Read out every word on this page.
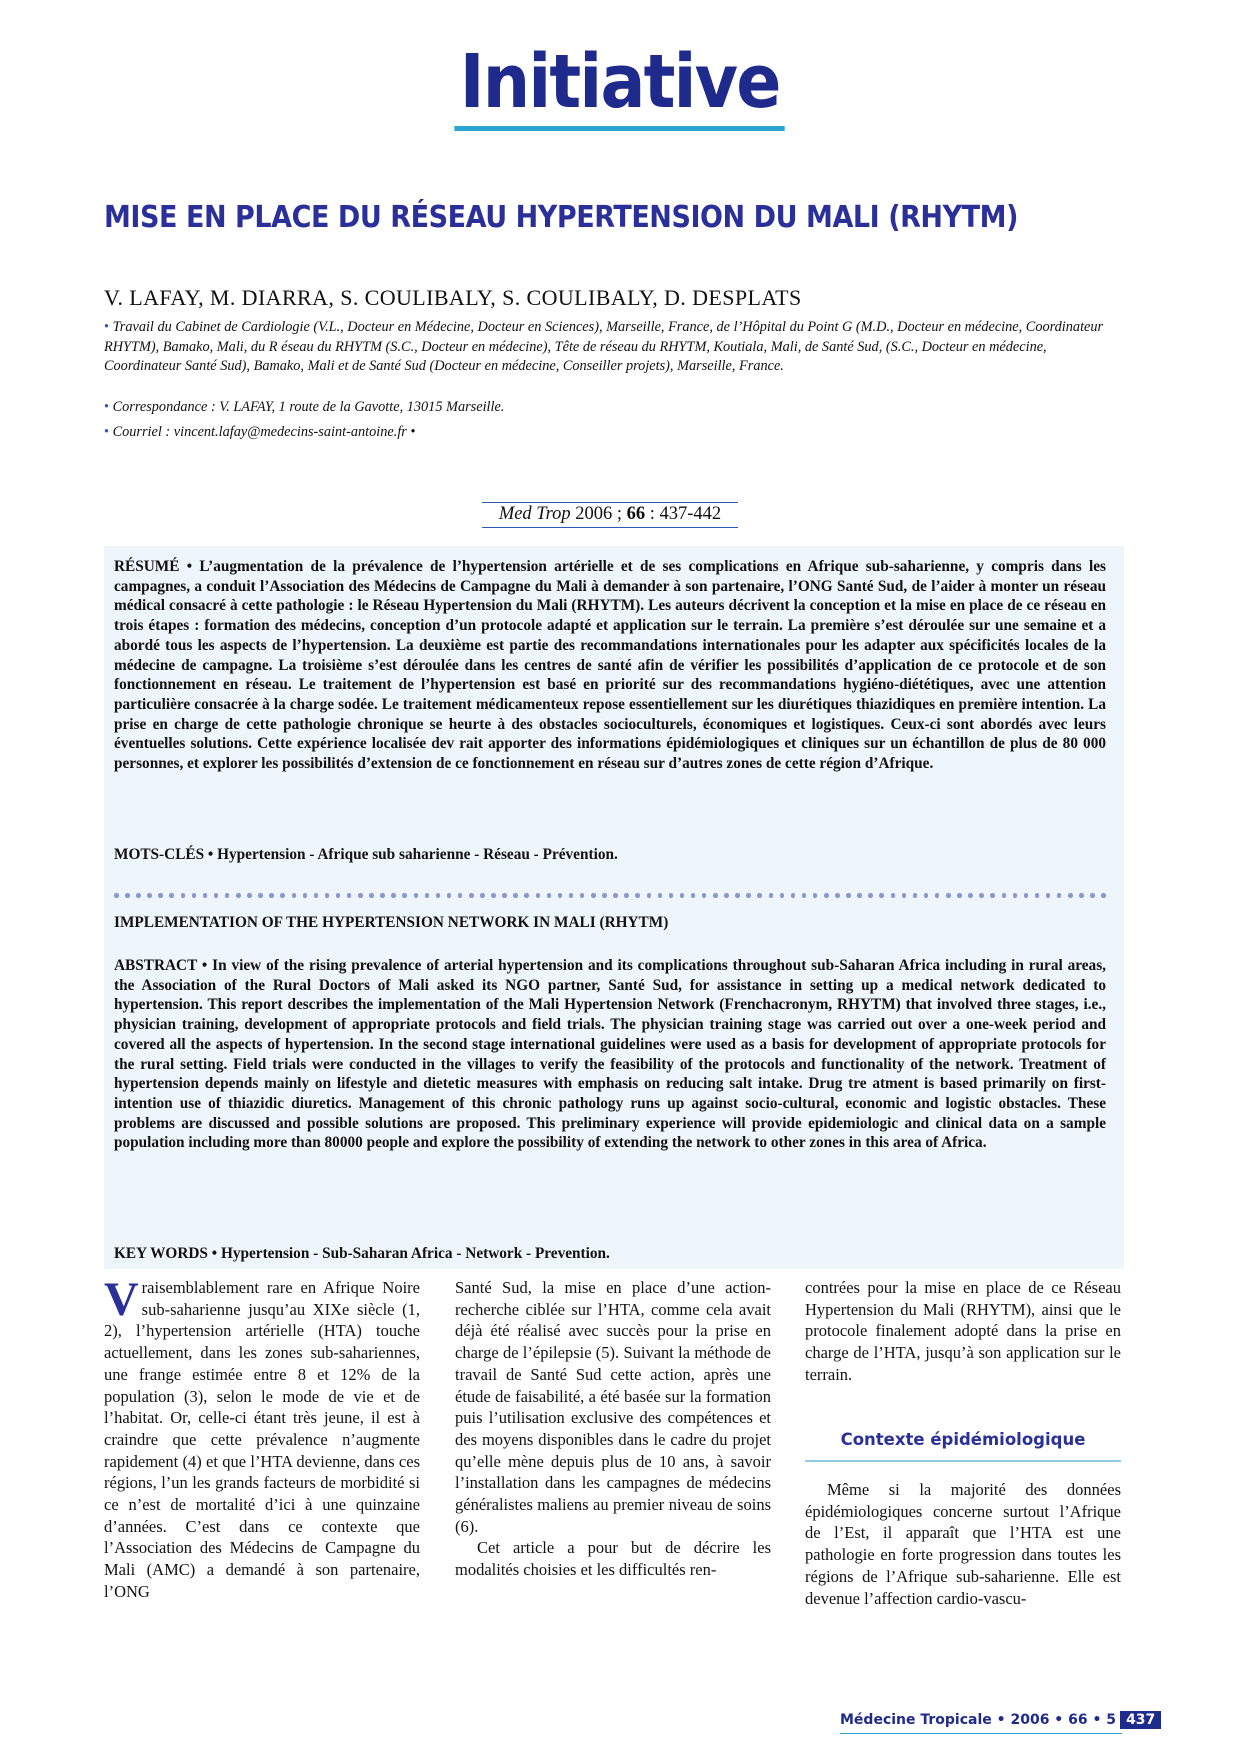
Initiative
MISE EN PLACE DU RÉSEAU HYPERTENSION DU MALI (RHYTM)
V. LAFAY, M. DIARRA, S. COULIBALY, S. COULIBALY, D. DESPLATS
• Travail du Cabinet de Cardiologie (V.L., Docteur en Médecine, Docteur en Sciences), Marseille, France, de l’Hôpital du Point G (M.D., Docteur en médecine, Coordinateur RHYTM), Bamako, Mali, du R éseau du RHYTM (S.C., Docteur en médecine), Tête de réseau du RHYTM, Koutiala, Mali, de Santé Sud, (S.C., Docteur en médecine, Coordinateur Santé Sud), Bamako, Mali et de Santé Sud (Docteur en médecine, Conseiller projets), Marseille, France.
• Correspondance : V. LAFAY, 1 route de la Gavotte, 13015 Marseille.
• Courriel : vincent.lafay@medecins-saint-antoine.fr •
Med Trop 2006 ; 66 : 437-442
RÉSUMÉ • L’augmentation de la prévalence de l’hypertension artérielle et de ses complications en Afrique sub-saharienne, y compris dans les campagnes, a conduit l’Association des Médecins de Campagne du Mali à demander à son partenaire, l’ONG Santé Sud, de l’aider à monter un réseau médical consacré à cette pathologie : le Réseau Hypertension du Mali (RHYTM). Les auteurs décrivent la conception et la mise en place de ce réseau en trois étapes : formation des médecins, conception d’un protocole adapté et application sur le terrain. La première s’est déroulée sur une semaine et a abordé tous les aspects de l’hypertension. La deuxième est partie des recommandations internationales pour les adapter aux spécificités locales de la médecine de campagne. La troisième s’est déroulée dans les centres de santé afin de vérifier les possibilités d’application de ce protocole et de son fonctionnement en réseau. Le traitement de l’hypertension est basé en priorité sur des recommandations hygiéno-diététiques, avec une attention particulière consacrée à la charge sodée. Le traitement médicamenteux repose essentiellement sur les diurétiques thiazidiques en première intention. La prise en charge de cette pathologie chronique se heurte à des obstacles socioculturels, économiques et logistiques. Ceux-ci sont abordés avec leurs éventuelles solutions. Cette expérience localisée dev rait apporter des informations épidémiologiques et cliniques sur un échantillon de plus de 80 000 personnes, et explorer les possibilités d’extension de ce fonctionnement en réseau sur d’autres zones de cette région d’Afrique.
MOTS-CLÉS • Hypertension - Afrique sub saharienne - Réseau - Prévention.
IMPLEMENTATION OF THE HYPERTENSION NETWORK IN MALI (RHYTM)
ABSTRACT • In view of the rising prevalence of arterial hypertension and its complications throughout sub-Saharan Africa including in rural areas, the Association of the Rural Doctors of Mali asked its NGO partner, Santé Sud, for assistance in setting up a medical network dedicated to hypertension. This report describes the implementation of the Mali Hypertension Network (Frenchacronym, RHYTM) that involved three stages, i.e., physician training, development of appropriate protocols and field trials. The physician training stage was carried out over a one-week period and covered all the aspects of hypertension. In the second stage international guidelines were used as a basis for development of appropriate protocols for the rural setting. Field trials were conducted in the villages to verify the feasibility of the protocols and functionality of the network. Treatment of hypertension depends mainly on lifestyle and dietetic measures with emphasis on reducing salt intake. Drug tre atment is based primarily on first-intention use of thiazidic diuretics. Management of this chronic pathology runs up against socio-cultural, economic and logistic obstacles. These problems are discussed and possible solutions are proposed. This preliminary experience will provide epidemiologic and clinical data on a sample population including more than 80000 people and explore the possibility of extending the network to other zones in this area of Africa.
KEY WORDS • Hypertension - Sub-Saharan Africa - Network - Prevention.

Vraisemblablement rare en Afrique Noire sub-saharienne jusqu’au XIXe siècle (1, 2), l’hypertension artérielle (HTA) touche actuellement, dans les zones sub-sahariennes, une frange estimée entre 8 et 12% de la population (3), selon le mode de vie et de l’habitat. Or, celle-ci étant très jeune, il est à craindre que cette prévalence n’augmente rapidement (4) et que l’HTA devienne, dans ces régions, l’un les grands facteurs de morbidité si ce n’est de mortalité d’ici à une quinzaine d’années. C’est dans ce contexte que l’Association des Médecins de Campagne du Mali (AMC) a demandé à son partenaire, l’ONG

Santé Sud, la mise en place d’une action-recherche ciblée sur l’HTA, comme cela avait déjà été réalisé avec succès pour la prise en charge de l’épilepsie (5). Suivant la méthode de travail de Santé Sud cette action, après une étude de faisabilité, a été basée sur la formation puis l’utilisation exclusive des compétences et des moyens disponibles dans le cadre du projet qu’elle mène depuis plus de 10 ans, à savoir l’installation dans les campagnes de médecins généralistes maliens au premier niveau de soins (6).

Cet article a pour but de décrire les modalités choisies et les difficultés ren-

contrées pour la mise en place de ce Réseau Hypertension du Mali (RHYTM), ainsi que le protocole finalement adopté dans la prise en charge de l’HTA, jusqu’à son application sur le terrain.

Contexte épidémiologique

Même si la majorité des données épidémiologiques concerne surtout l’Afrique de l’Est, il apparaît que l’HTA est une pathologie en forte progression dans toutes les régions de l’Afrique sub-saharienne. Elle est devenue l’affection cardio-vascu-

Médecine Tropicale • 2006 • 66 • 5 437
